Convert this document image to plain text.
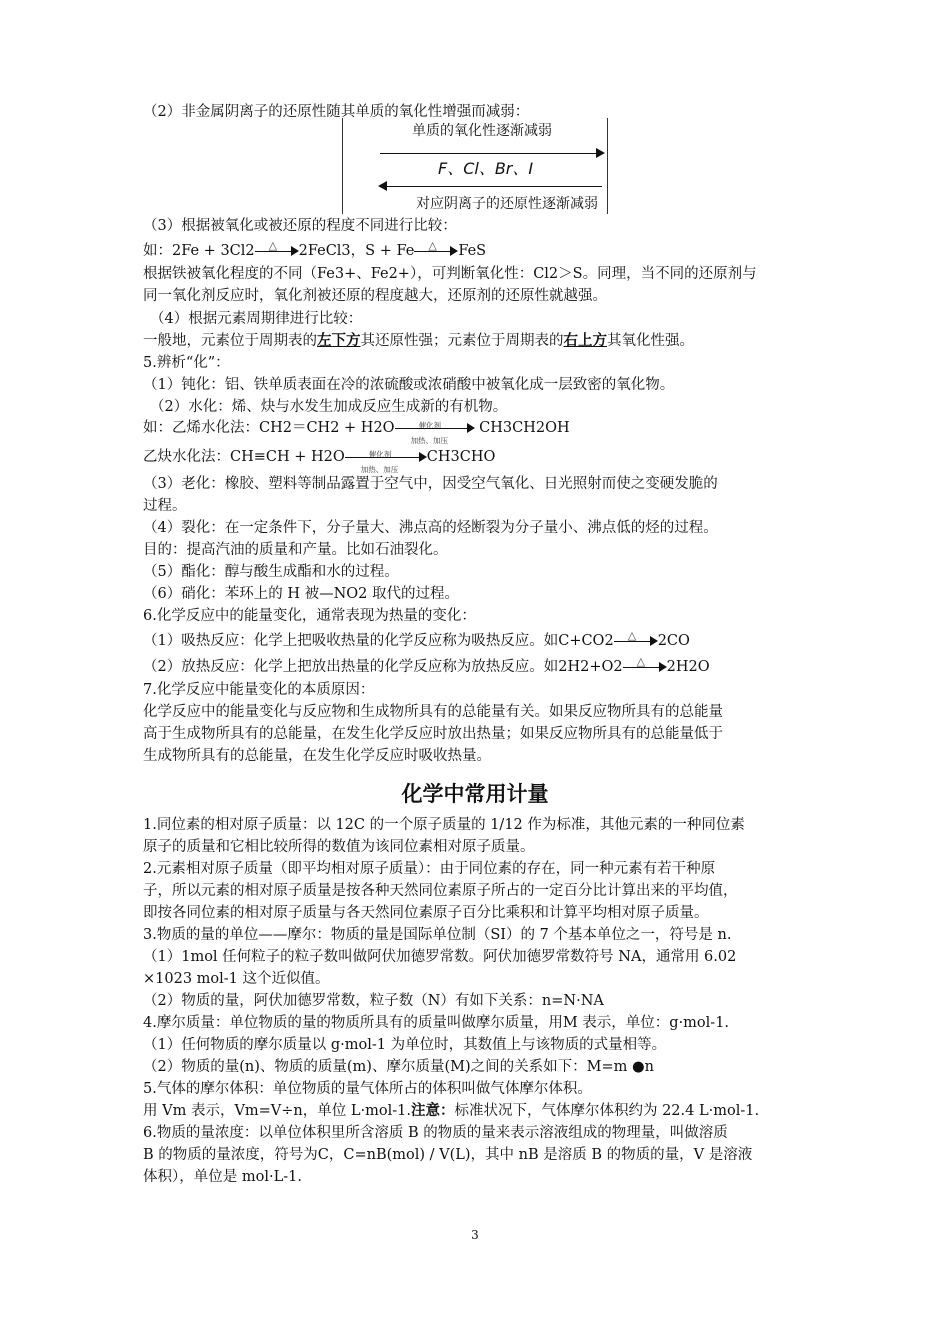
（2）非金属阴离子的还原性随其单质的氧化性增强而减弱：
单质的氧化性逐渐减弱
F、Cl、Br、I
对应阴离子的还原性逐渐减弱
（3）根据被氧化或被还原的程度不同进行比较：
如：2Fe + 3Cl2 △ 2FeCl3，S + Fe △ FeS
根据铁被氧化程度的不同（Fe3+、Fe2+），可判断氧化性：Cl2＞S。同理，当不同的还原剂与
同一氧化剂反应时，氧化剂被还原的程度越大，还原剂的还原性就越强。
（4）根据元素周期律进行比较：
一般地，元素位于周期表的左下方其还原性强；元素位于周期表的右上方其氧化性强。
5.辨析“化”：
（1）钝化：铝、铁单质表面在冷的浓硫酸或浓硝酸中被氧化成一层致密的氧化物。
（2）水化：烯、炔与水发生加成反应生成新的有机物。
如：乙烯水化法：CH2＝CH2 + H2O	催化剂
加热、加压
CH3CH2OH
乙炔水化法：CH≡CH + H2O	催化剂
加热、加压
CH3CHO
（3）老化：橡胶、塑料等制品露置于空气中，因受空气氧化、日光照射而使之变硬发脆的
过程。
（4）裂化：在一定条件下，分子量大、沸点高的烃断裂为分子量小、沸点低的烃的过程。
目的：提高汽油的质量和产量。比如石油裂化。
（5）酯化：醇与酸生成酯和水的过程。
（6）硝化：苯环上的 H 被—NO2 取代的过程。
6.化学反应中的能量变化，通常表现为热量的变化：
（1）吸热反应：化学上把吸收热量的化学反应称为吸热反应。如C+CO2 △ 2CO
（2）放热反应：化学上把放出热量的化学反应称为放热反应。如2H2+O2 △ 2H2O
7.化学反应中能量变化的本质原因：
化学反应中的能量变化与反应物和生成物所具有的总能量有关。如果反应物所具有的总能量
高于生成物所具有的总能量，在发生化学反应时放出热量；如果反应物所具有的总能量低于
生成物所具有的总能量，在发生化学反应时吸收热量。
化学中常用计量
1.同位素的相对原子质量：以 12C 的一个原子质量的 1/12 作为标准，其他元素的一种同位素
原子的质量和它相比较所得的数值为该同位素相对原子质量。
2.元素相对原子质量（即平均相对原子质量）：由于同位素的存在，同一种元素有若干种原
子，所以元素的相对原子质量是按各种天然同位素原子所占的一定百分比计算出来的平均值，
即按各同位素的相对原子质量与各天然同位素原子百分比乘积和计算平均相对原子质量。
3.物质的量的单位——摩尔：物质的量是国际单位制（SI）的 7 个基本单位之一，符号是 n.
（1）1mol 任何粒子的粒子数叫做阿伏加德罗常数。阿伏加德罗常数符号 NA，通常用 6.02
×1023 mol-1 这个近似值。
（2）物质的量，阿伏加德罗常数，粒子数（N）有如下关系：n=N·NA
4.摩尔质量：单位物质的量的物质所具有的质量叫做摩尔质量，用M 表示，单位：g·mol-1.
（1）任何物质的摩尔质量以 g·mol-1 为单位时，其数值上与该物质的式量相等。
（2）物质的量(n)、物质的质量(m)、摩尔质量(M)之间的关系如下：M=m ●n
5.气体的摩尔体积：单位物质的量气体所占的体积叫做气体摩尔体积。
用 Vm 表示，Vm=V÷n，单位 L·mol-1.注意：标准状况下，气体摩尔体积约为 22.4 L·mol-1.
6.物质的量浓度：以单位体积里所含溶质 B 的物质的量来表示溶液组成的物理量，叫做溶质
B 的物质的量浓度，符号为C，C=nB(mol) / V(L)，其中 nB 是溶质 B 的物质的量，V 是溶液
体积），单位是 mol·L-1.
3
